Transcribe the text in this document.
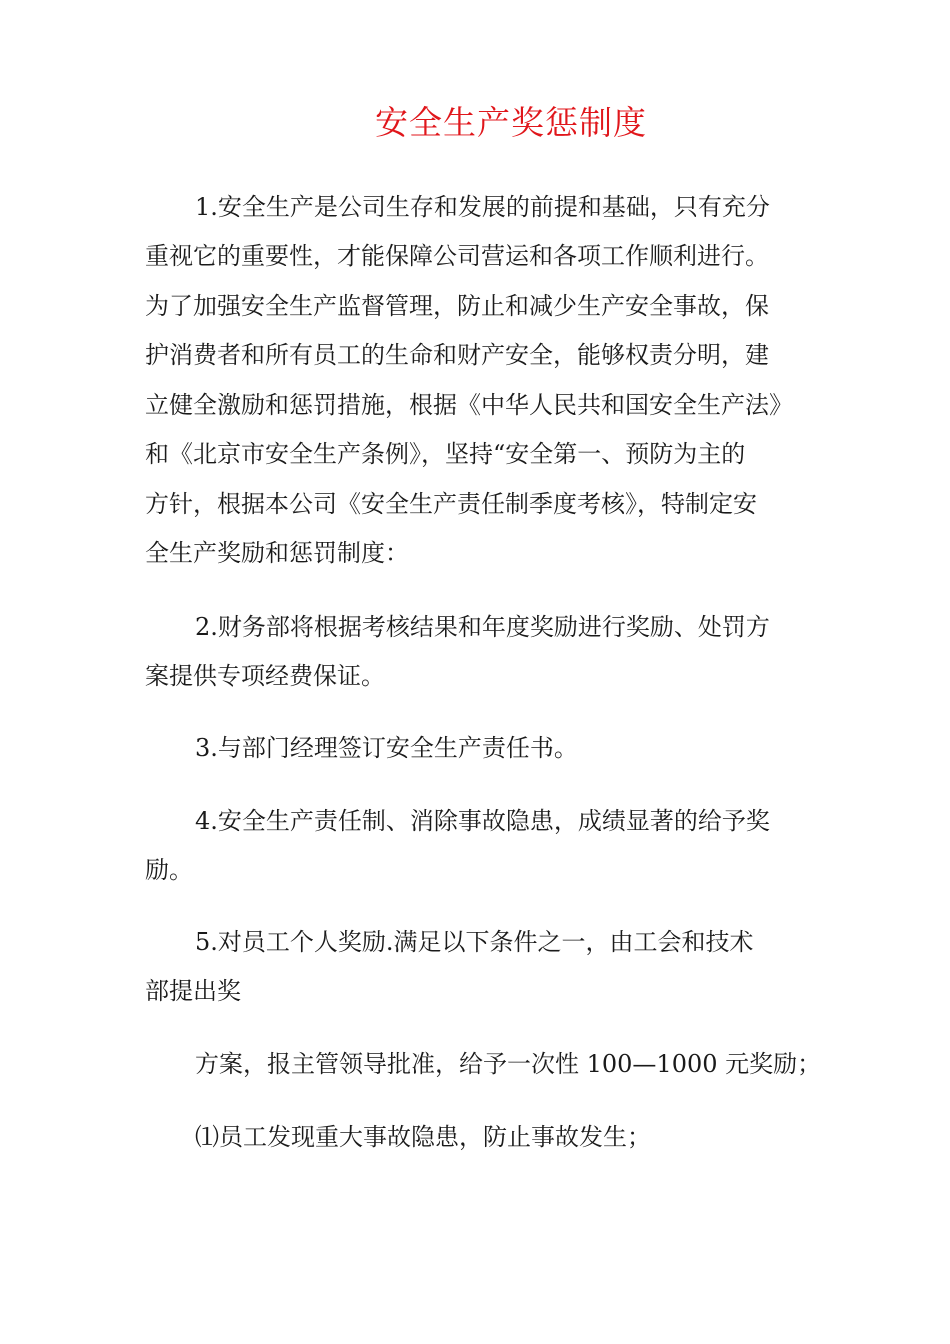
安全生产奖惩制度
1.安全生产是公司生存和发展的前提和基础，只有充分
重视它的重要性，才能保障公司营运和各项工作顺利进行。
为了加强安全生产监督管理，防止和减少生产安全事故，保
护消费者和所有员工的生命和财产安全，能够权责分明，建
立健全激励和惩罚措施，根据《中华人民共和国安全生产法》
和《北京市安全生产条例》，坚持“安全第一、预防为主的
方针，根据本公司《安全生产责任制季度考核》，特制定安
全生产奖励和惩罚制度：
2.财务部将根据考核结果和年度奖励进行奖励、处罚方
案提供专项经费保证。
3.与部门经理签订安全生产责任书。
4.安全生产责任制、消除事故隐患，成绩显著的给予奖
励。
5.对员工个人奖励.满足以下条件之一，由工会和技术
部提出奖
方案，报主管领导批准，给予一次性 100—1000 元奖励；
⑴员工发现重大事故隐患，防止事故发生；
